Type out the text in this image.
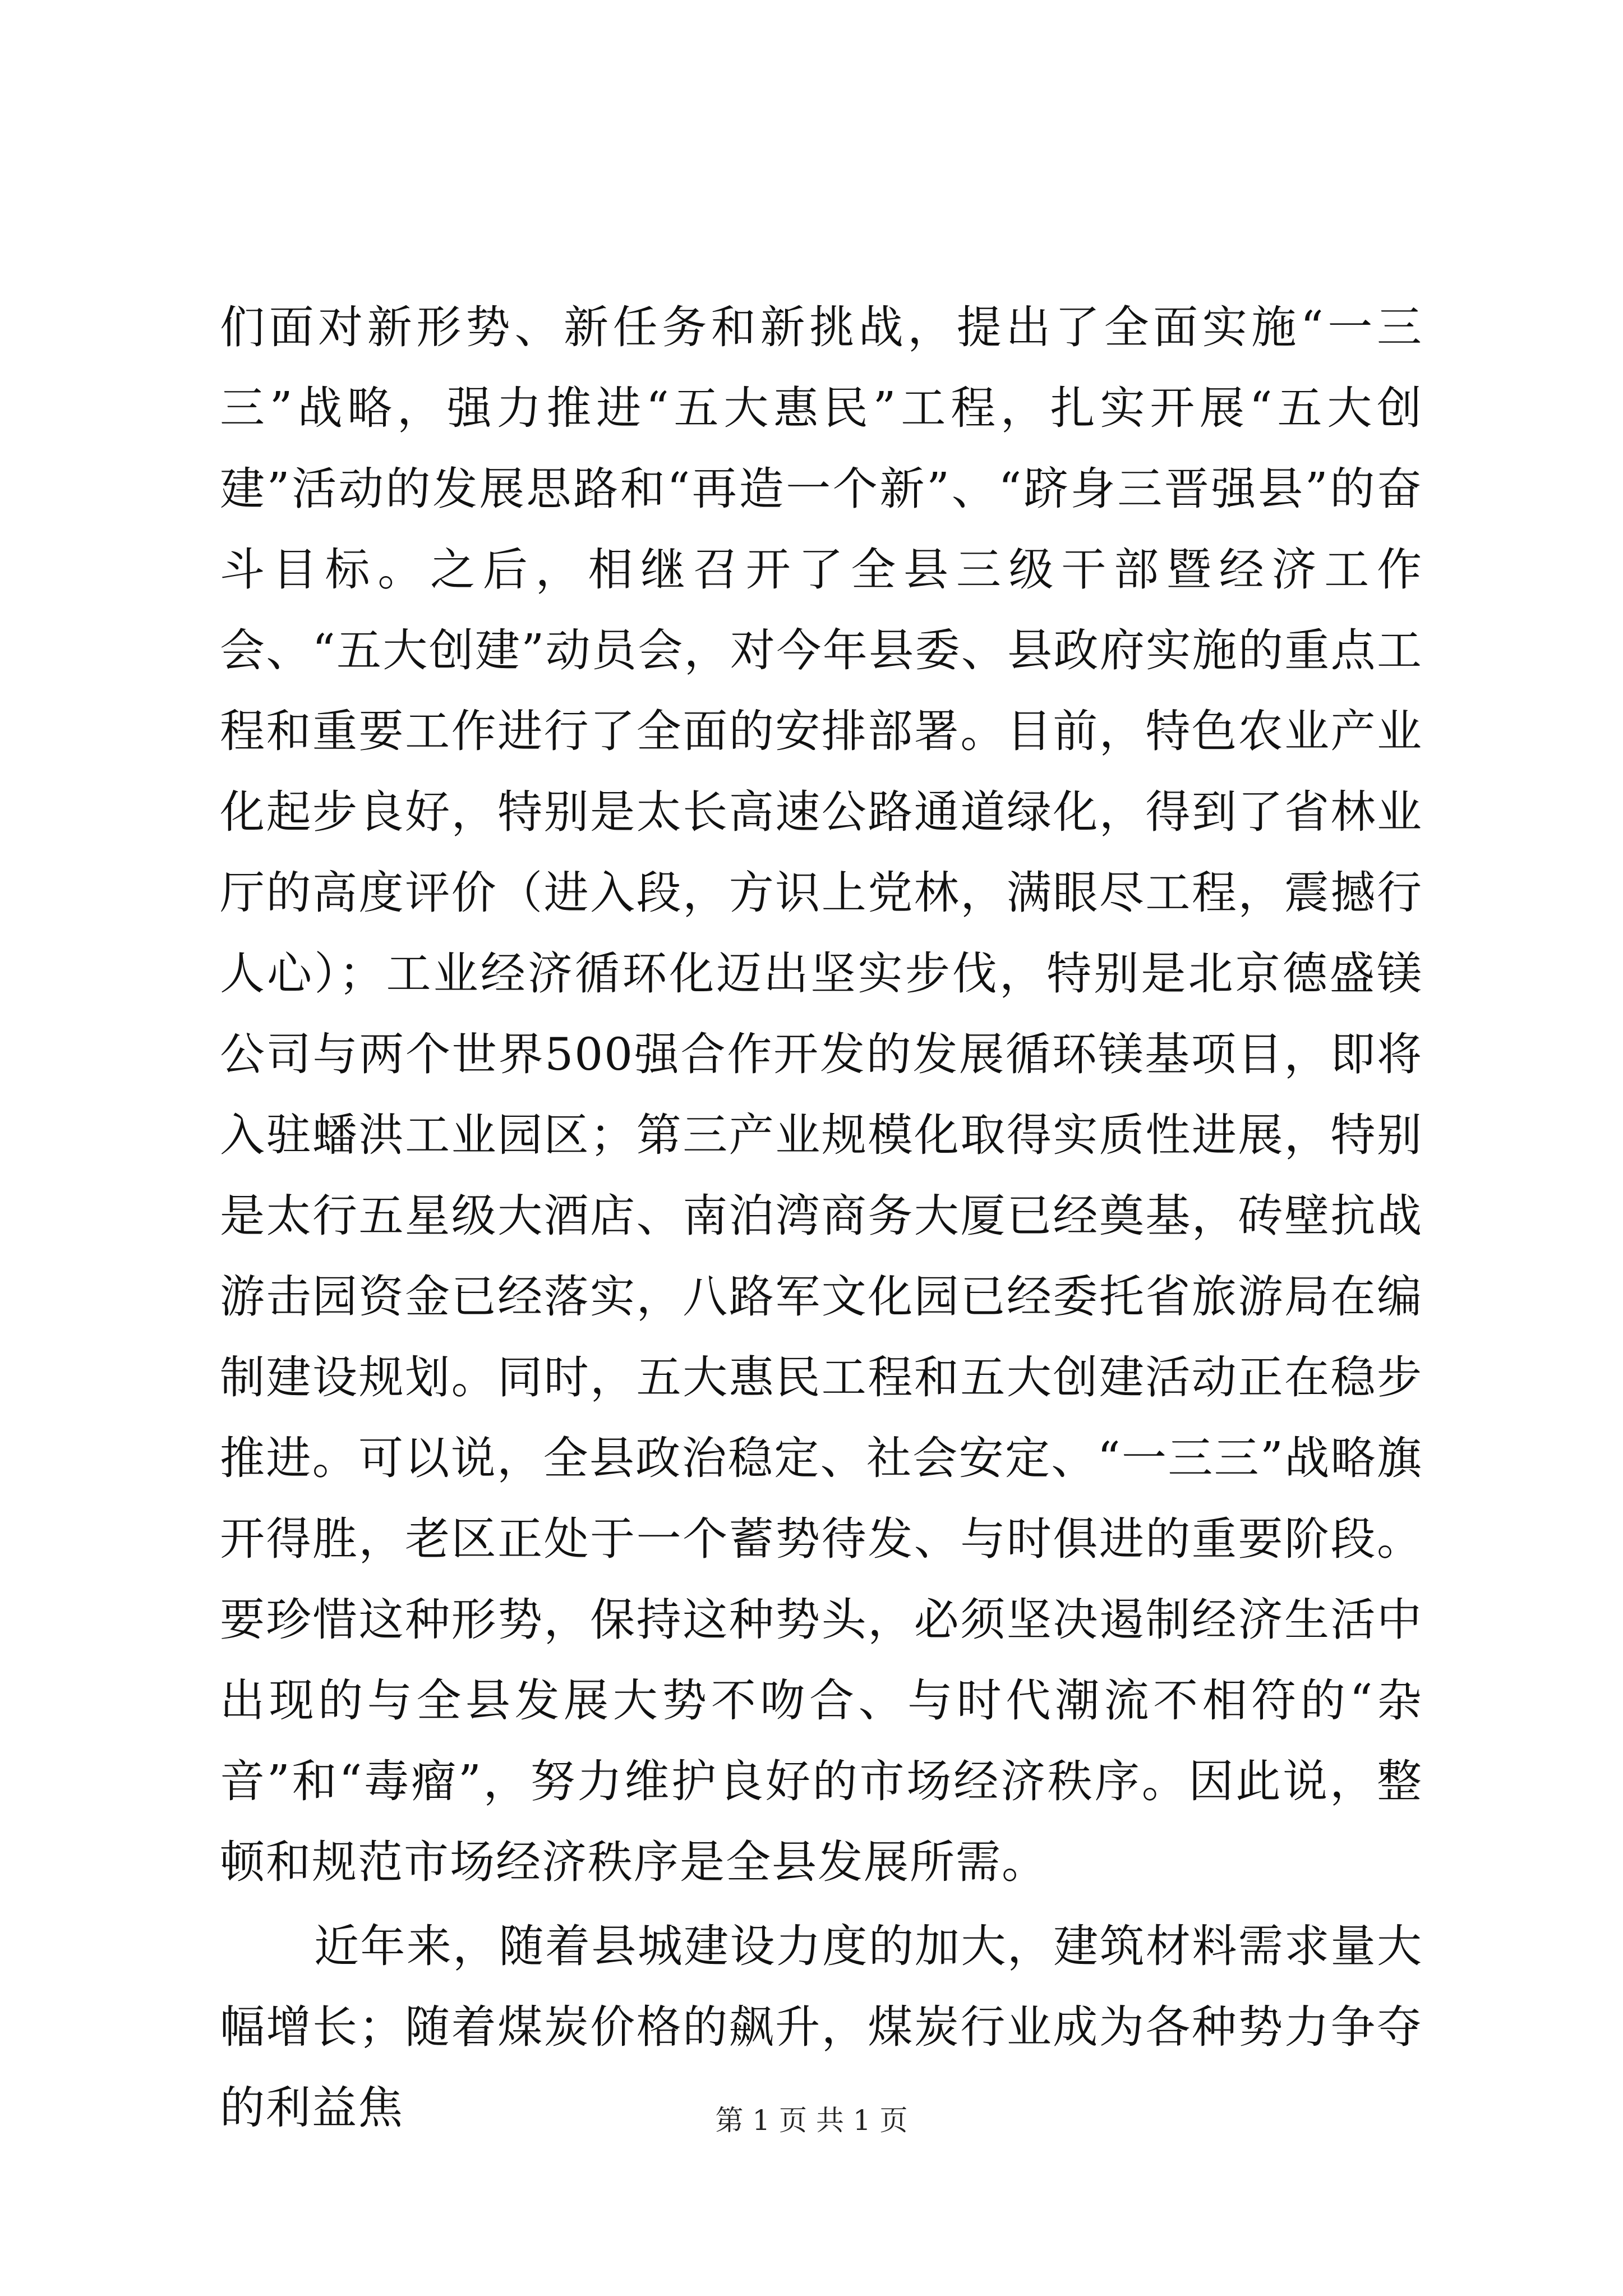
们面对新形势、新任务和新挑战，提出了全面实施“一三三”战略，强力推进“五大惠民”工程，扎实开展“五大创建”活动的发展思路和“再造一个新”、“跻身三晋强县”的奋斗目标。之后，相继召开了全县三级干部暨经济工作会、“五大创建”动员会，对今年县委、县政府实施的重点工程和重要工作进行了全面的安排部署。目前，特色农业产业化起步良好，特别是太长高速公路通道绿化，得到了省林业厅的高度评价（进入段，方识上党林，满眼尽工程，震撼行人心）；工业经济循环化迈出坚实步伐，特别是北京德盛镁公司与两个世界500强合作开发的发展循环镁基项目，即将入驻蟠洪工业园区；第三产业规模化取得实质性进展，特别是太行五星级大酒店、南泊湾商务大厦已经奠基，砖壁抗战游击园资金已经落实，八路军文化园已经委托省旅游局在编制建设规划。同时，五大惠民工程和五大创建活动正在稳步推进。可以说，全县政治稳定、社会安定、“一三三”战略旗开得胜，老区正处于一个蓄势待发、与时俱进的重要阶段。要珍惜这种形势，保持这种势头，必须坚决遏制经济生活中出现的与全县发展大势不吻合、与时代潮流不相符的“杂音”和“毒瘤”，努力维护良好的市场经济秩序。因此说，整顿和规范市场经济秩序是全县发展所需。

近年来，随着县城建设力度的加大，建筑材料需求量大幅增长；随着煤炭价格的飙升，煤炭行业成为各种势力争夺的利益焦	第 1 页 共 1 页
